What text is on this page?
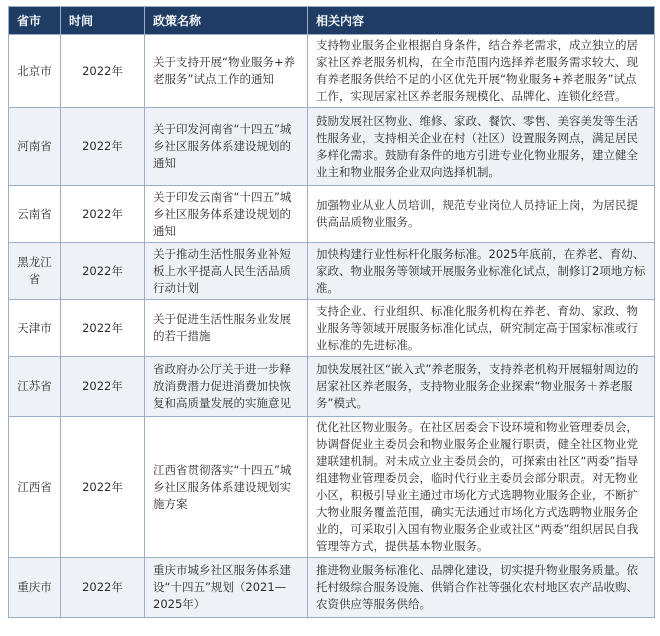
省市	时间	政策名称	相关内容
北京市	2022年	关于支持开展“物业服务+养老服务”试点工作的通知	支持物业服务企业根据自身条件，结合养老需求，成立独立的居家社区养老服务机构，在全市范围内选择养老服务需求较大、现有养老服务供给不足的小区优先开展“物业服务+养老服务”试点工作，实现居家社区养老服务规模化、品牌化、连锁化经营。
河南省	2022年	关于印发河南省“十四五”城乡社区服务体系建设规划的通知	鼓励发展社区物业、维修、家政、餐饮、零售、美容美发等生活性服务业，支持相关企业在村（社区）设置服务网点，满足居民多样化需求。鼓励有条件的地方引进专业化物业服务，建立健全业主和物业服务企业双向选择机制。
云南省	2022年	关于印发云南省“十四五”城乡社区服务体系建设规划的通知	加强物业从业人员培训，规范专业岗位人员持证上岗，为居民提供高品质物业服务。
黑龙江省	2022年	关于推动生活性服务业补短板上水平提高人民生活品质行动计划	加快构建行业性标杆化服务标准。2025年底前，在养老、育幼、家政、物业服务等领域开展服务业标准化试点，制修订2项地方标准。
天津市	2022年	关于促进生活性服务业发展的若干措施	支持企业、行业组织、标准化服务机构在养老、育幼、家政、物业服务等领域开展服务标准化试点，研究制定高于国家标准或行业标准的先进标准。
江苏省	2022年	省政府办公厅关于进一步释放消费潜力促进消费加快恢复和高质量发展的实施意见	加快发展社区“嵌入式”养老服务，支持养老机构开展辐射周边的居家社区养老服务，支持物业服务企业探索“物业服务＋养老服务”模式。
江西省	2022年	江西省贯彻落实“十四五”城乡社区服务体系建设规划实施方案	优化社区物业服务。在社区居委会下设环境和物业管理委员会，协调督促业主委员会和物业服务企业履行职责，健全社区物业党建联建机制。对未成立业主委员会的，可探索由社区“两委”指导组建物业管理委员会，临时代行业主委员会部分职责。对无物业小区，积极引导业主通过市场化方式选聘物业服务企业，不断扩大物业服务覆盖范围，确实无法通过市场化方式选聘物业服务企业的，可采取引入国有物业服务企业或社区“两委”组织居民自我管理等方式，提供基本物业服务。
重庆市	2022年	重庆市城乡社区服务体系建设“十四五”规划（2021—2025年）	推进物业服务标准化、品牌化建设，切实提升物业服务质量。依托村级综合服务设施、供销合作社等强化农村地区农产品收购、农资供应等服务供给。
